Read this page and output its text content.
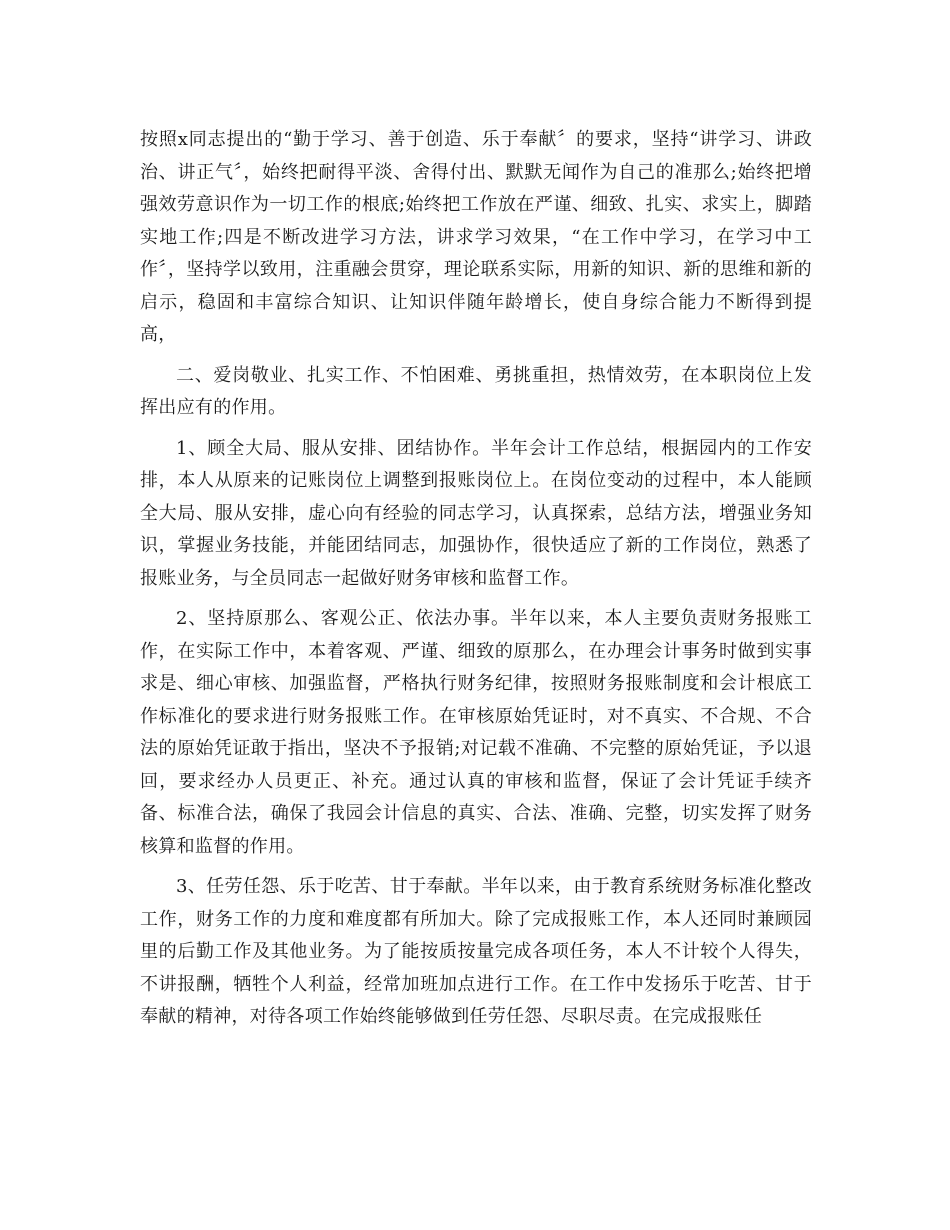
按照x同志提出的“勤于学习、善于创造、乐于奉献〞的要求，坚持“讲学习、讲政治、讲正气〞，始终把耐得平淡、舍得付出、默默无闻作为自己的准那么;始终把增强效劳意识作为一切工作的根底;始终把工作放在严谨、细致、扎实、求实上，脚踏实地工作;四是不断改进学习方法，讲求学习效果，“在工作中学习，在学习中工作〞，坚持学以致用，注重融会贯穿，理论联系实际，用新的知识、新的思维和新的启示，稳固和丰富综合知识、让知识伴随年龄增长，使自身综合能力不断得到提高，

二、爱岗敬业、扎实工作、不怕困难、勇挑重担，热情效劳，在本职岗位上发挥出应有的作用。

1、顾全大局、服从安排、团结协作。半年会计工作总结，根据园内的工作安排，本人从原来的记账岗位上调整到报账岗位上。在岗位变动的过程中，本人能顾全大局、服从安排，虚心向有经验的同志学习，认真探索，总结方法，增强业务知识，掌握业务技能，并能团结同志，加强协作，很快适应了新的工作岗位，熟悉了报账业务，与全员同志一起做好财务审核和监督工作。

2、坚持原那么、客观公正、依法办事。半年以来，本人主要负责财务报账工作，在实际工作中，本着客观、严谨、细致的原那么，在办理会计事务时做到实事求是、细心审核、加强监督，严格执行财务纪律，按照财务报账制度和会计根底工作标准化的要求进行财务报账工作。在审核原始凭证时，对不真实、不合规、不合法的原始凭证敢于指出，坚决不予报销;对记载不准确、不完整的原始凭证，予以退回，要求经办人员更正、补充。通过认真的审核和监督，保证了会计凭证手续齐备、标准合法，确保了我园会计信息的真实、合法、准确、完整，切实发挥了财务核算和监督的作用。

3、任劳任怨、乐于吃苦、甘于奉献。半年以来，由于教育系统财务标准化整改工作，财务工作的力度和难度都有所加大。除了完成报账工作，本人还同时兼顾园里的后勤工作及其他业务。为了能按质按量完成各项任务，本人不计较个人得失，不讲报酬，牺牲个人利益，经常加班加点进行工作。在工作中发扬乐于吃苦、甘于奉献的精神，对待各项工作始终能够做到任劳任怨、尽职尽责。在完成报账任
